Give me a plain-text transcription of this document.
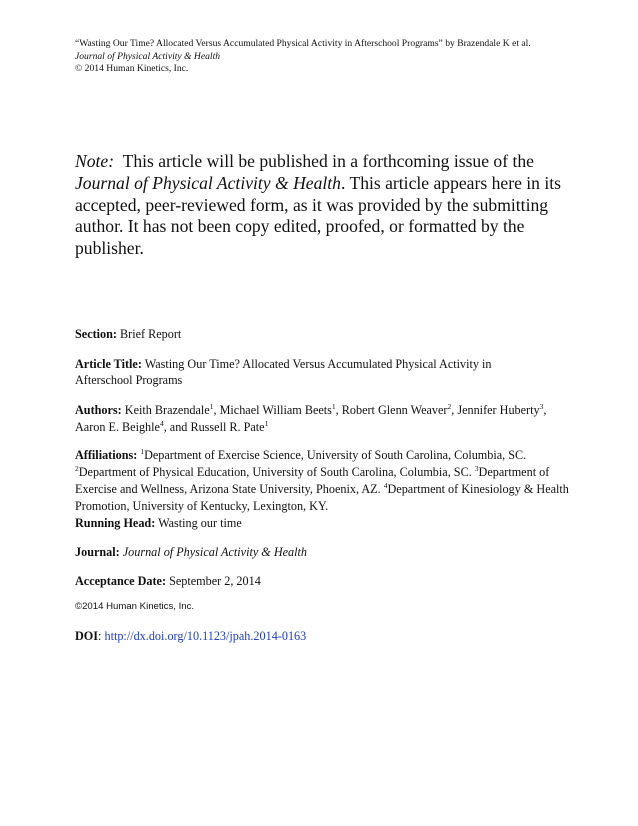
“Wasting Our Time? Allocated Versus Accumulated Physical Activity in Afterschool Programs” by Brazendale K et al.
Journal of Physical Activity & Health
© 2014 Human Kinetics, Inc.
Note:  This article will be published in a forthcoming issue of the Journal of Physical Activity & Health. This article appears here in its accepted, peer-reviewed form, as it was provided by the submitting author. It has not been copy edited, proofed, or formatted by the publisher.
Section: Brief Report
Article Title: Wasting Our Time? Allocated Versus Accumulated Physical Activity in
Afterschool Programs
Authors: Keith Brazendale$^1$, Michael William Beets$^1$, Robert Glenn Weaver$^2$, Jennifer Huberty$^3$,
Aaron E. Beighle$^4$, and Russell R. Pate$^1$
Affiliations: $^1$Department of Exercise Science, University of South Carolina, Columbia, SC.
$^2$Department of Physical Education, University of South Carolina, Columbia, SC. $^3$Department of Exercise and Wellness, Arizona State University, Phoenix, AZ. $^4$Department of Kinesiology & Health Promotion, University of Kentucky, Lexington, KY.
Running Head: Wasting our time
Journal: Journal of Physical Activity & Health
Acceptance Date: September 2, 2014
©2014 Human Kinetics, Inc.
DOI: http://dx.doi.org/10.1123/jpah.2014-0163
